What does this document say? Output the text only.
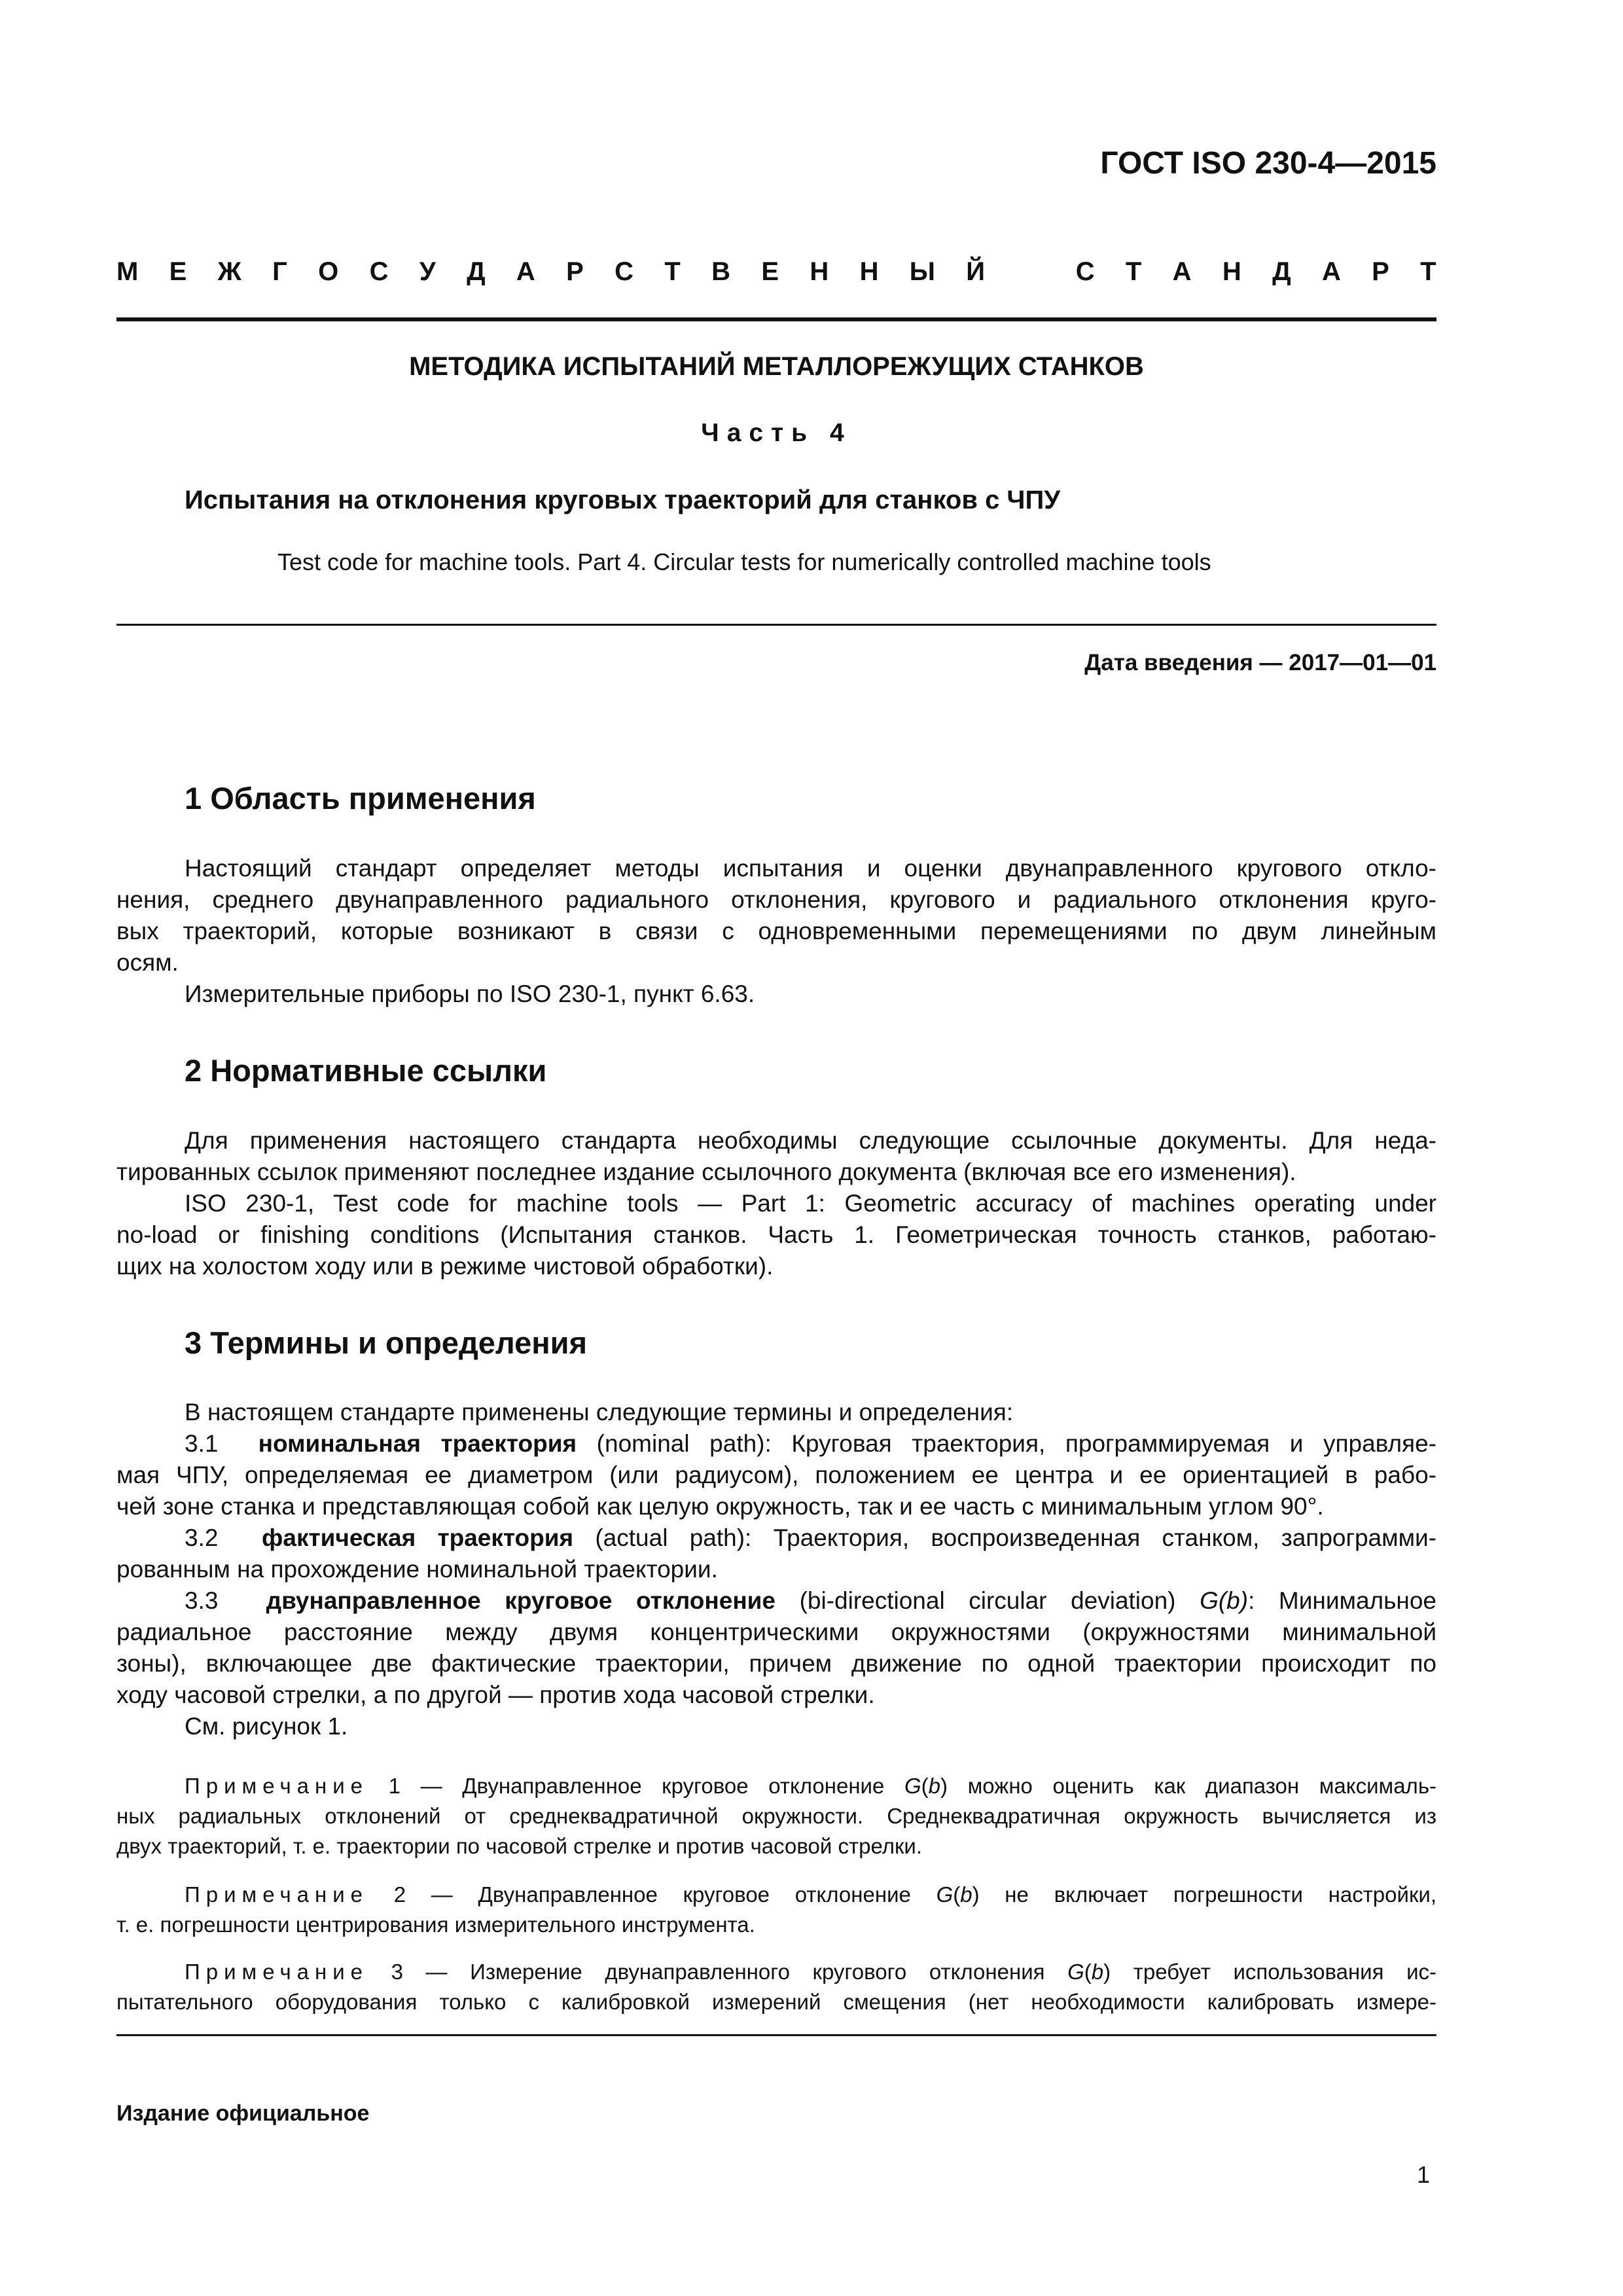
ГОСТ ISO 230-4—2015
М Е Ж Г О С У Д А Р С Т В Е Н Н Ы Й	С Т А Н Д А Р Т
МЕТОДИКА ИСПЫТАНИЙ МЕТАЛЛОРЕЖУЩИХ СТАНКОВ
Часть 4
Испытания на отклонения круговых траекторий для станков с ЧПУ
Test code for machine tools. Part 4. Circular tests for numerically controlled machine tools
Дата введения — 2017—01—01
1 Область применения
Настоящий стандарт определяет методы испытания и оценки двунаправленного кругового откло-
нения, среднего двунаправленного радиального отклонения, кругового и радиального отклонения круго-
вых траекторий, которые возникают в связи с одновременными перемещениями по двум линейным
осям.
Измерительные приборы по ISO 230-1, пункт 6.63.
2 Нормативные ссылки
Для применения настоящего стандарта необходимы следующие ссылочные документы. Для неда-
тированных ссылок применяют последнее издание ссылочного документа (включая все его изменения).
ISO 230-1, Test code for machine tools — Part 1: Geometric accuracy of machines operating under
no-load or finishing conditions (Испытания станков. Часть 1. Геометрическая точность станков, работаю-
щих на холостом ходу или в режиме чистовой обработки).
3 Термины и определения
В настоящем стандарте применены следующие термины и определения:
3.1 номинальная траектория (nominal path): Круговая траектория, программируемая и управляе-
мая ЧПУ, определяемая ее диаметром (или радиусом), положением ее центра и ее ориентацией в рабо-
чей зоне станка и представляющая собой как целую окружность, так и ее часть с минимальным углом 90°.
3.2 фактическая траектория (actual path): Траектория, воспроизведенная станком, запрограмми-
рованным на прохождение номинальной траектории.
3.3 двунаправленное круговое отклонение (bi-directional circular deviation) G(b): Минимальное
радиальное расстояние между двумя концентрическими окружностями (окружностями минимальной
зоны), включающее две фактические траектории, причем движение по одной траектории происходит по
ходу часовой стрелки, а по другой — против хода часовой стрелки.
См. рисунок 1.
Примечание 1 — Двунаправленное круговое отклонение G(b) можно оценить как диапазон максималь-
ных радиальных отклонений от среднеквадратичной окружности. Среднеквадратичная окружность вычисляется из
двух траекторий, т. е. траектории по часовой стрелке и против часовой стрелки.
Примечание 2 — Двунаправленное круговое отклонение G(b) не включает погрешности настройки,
т. е. погрешности центрирования измерительного инструмента.
Примечание 3 — Измерение двунаправленного кругового отклонения G(b) требует использования ис-
пытательного оборудования только с калибровкой измерений смещения (нет необходимости калибровать измере-
Издание официальное
1
